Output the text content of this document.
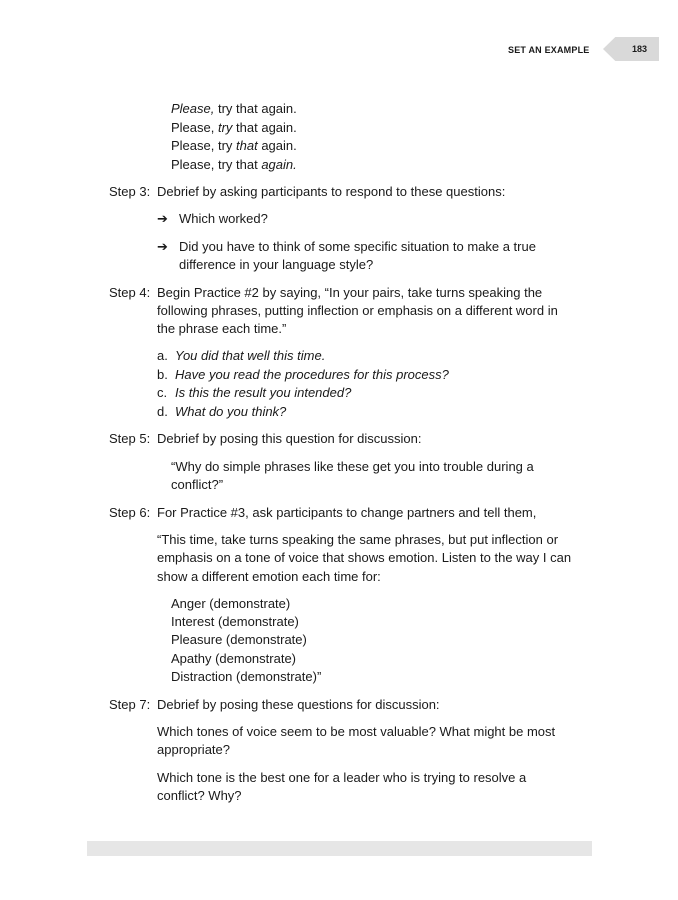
SET AN EXAMPLE	183
Please, try that again.
Please, try that again.
Please, try that again.
Please, try that again.
Step 3: Debrief by asking participants to respond to these questions:
➔ Which worked?
➔ Did you have to think of some specific situation to make a true
difference in your language style?
Step 4: Begin Practice #2 by saying, “In your pairs, take turns speaking the
following phrases, putting inflection or emphasis on a different word in
the phrase each time.”
a. You did that well this time.
b. Have you read the procedures for this process?
c. Is this the result you intended?
d. What do you think?
Step 5: Debrief by posing this question for discussion:
“Why do simple phrases like these get you into trouble during a
conflict?”
Step 6: For Practice #3, ask participants to change partners and tell them,
“This time, take turns speaking the same phrases, but put inflection or
emphasis on a tone of voice that shows emotion. Listen to the way I can
show a different emotion each time for:
Anger (demonstrate)
Interest (demonstrate)
Pleasure (demonstrate)
Apathy (demonstrate)
Distraction (demonstrate)”
Step 7: Debrief by posing these questions for discussion:
Which tones of voice seem to be most valuable? What might be most
appropriate?
Which tone is the best one for a leader who is trying to resolve a
conflict? Why?
